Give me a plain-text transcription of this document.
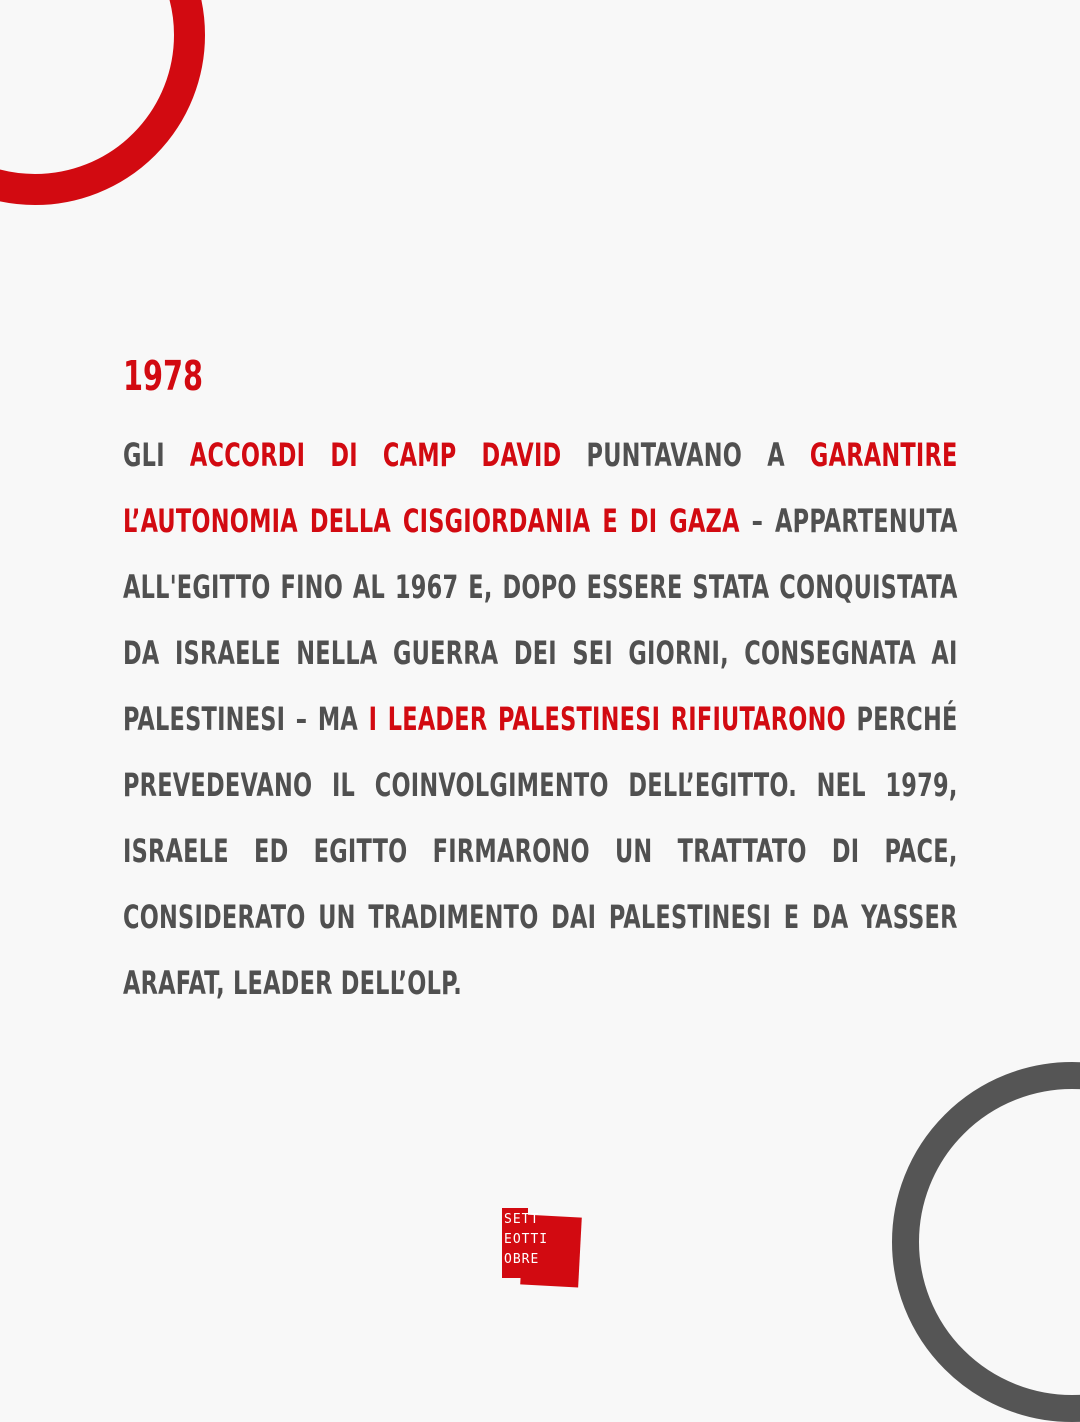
1978
GLI ACCORDI DI CAMP DAVID PUNTAVANO A GARANTIRE L’AUTONOMIA DELLA CISGIORDANIA E DI GAZA – APPARTENUTA ALL'EGITTO FINO AL 1967 E, DOPO ESSERE STATA CONQUISTATA DA ISRAELE NELLA GUERRA DEI SEI GIORNI, CONSEGNATA AI PALESTINESI – MA I LEADER PALESTINESI RIFIUTARONO PERCHÉ PREVEDEVANO IL COINVOLGIMENTO DELL’EGITTO. NEL 1979, ISRAELE ED EGITTO FIRMARONO UN TRATTATO DI PACE, CONSIDERATO UN TRADIMENTO DAI PALESTINESI E DA YASSER ARAFAT, LEADER DELL’OLP.
SETT
EOTTI
OBRE
